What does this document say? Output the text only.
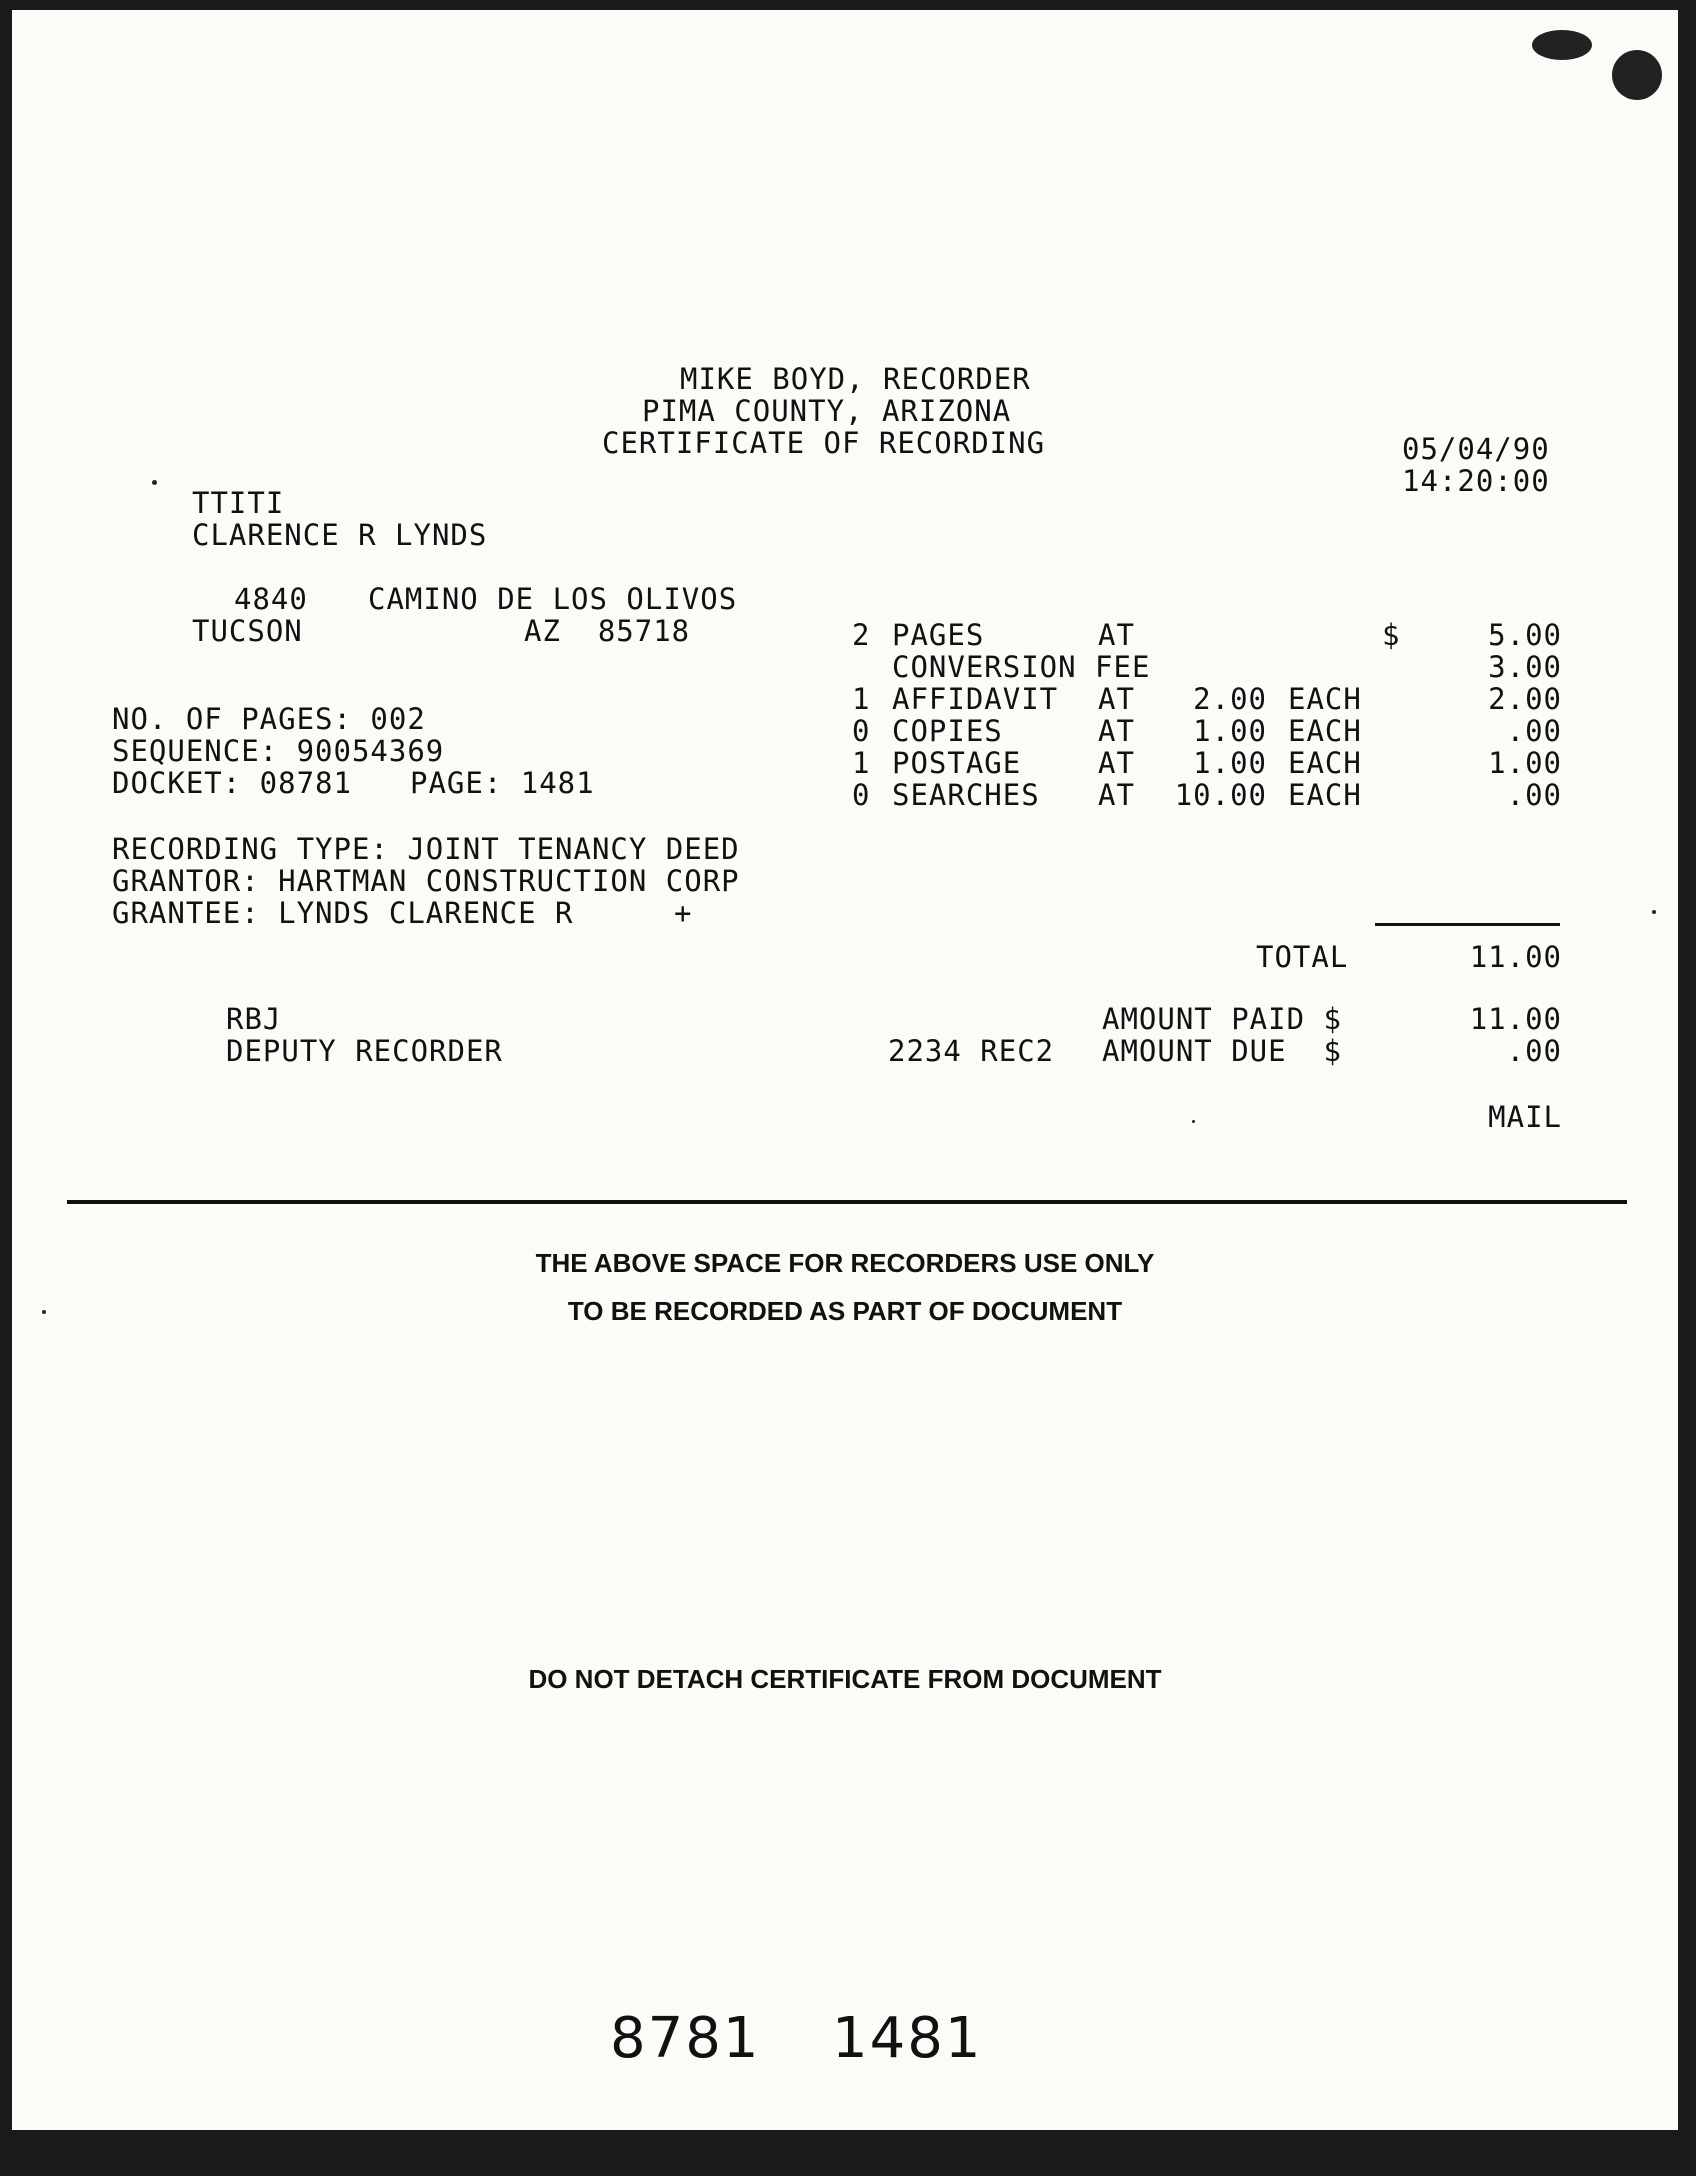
MIKE BOYD, RECORDER
PIMA COUNTY, ARIZONA
CERTIFICATE OF RECORDING	05/04/90
14:20:00
TTITI
CLARENCE R LYNDS
4840 CAMINO DE LOS OLIVOS
TUCSON	AZ  85718
NO. OF PAGES: 002
SEQUENCE: 90054369
DOCKET: 08781 PAGE: 1481
RECORDING TYPE: JOINT TENANCY DEED
GRANTOR: HARTMAN CONSTRUCTION CORP
GRANTEE: LYNDS CLARENCE R	+
2 PAGES	AT	$	5.00
CONVERSION FEE	3.00
1 AFFIDAVIT AT	2.00 EACH	2.00
0 COPIES	AT	1.00 EACH	.00
1 POSTAGE	AT	1.00 EACH	1.00
0 SEARCHES AT	10.00 EACH	.00
TOTAL	11.00
AMOUNT PAID $	11.00
2234 REC2 AMOUNT DUE  $	.00
MAIL
RBJ
DEPUTY RECORDER
THE ABOVE SPACE FOR RECORDERS USE ONLY
TO BE RECORDED AS PART OF DOCUMENT
DO NOT DETACH CERTIFICATE FROM DOCUMENT
8781 1481
